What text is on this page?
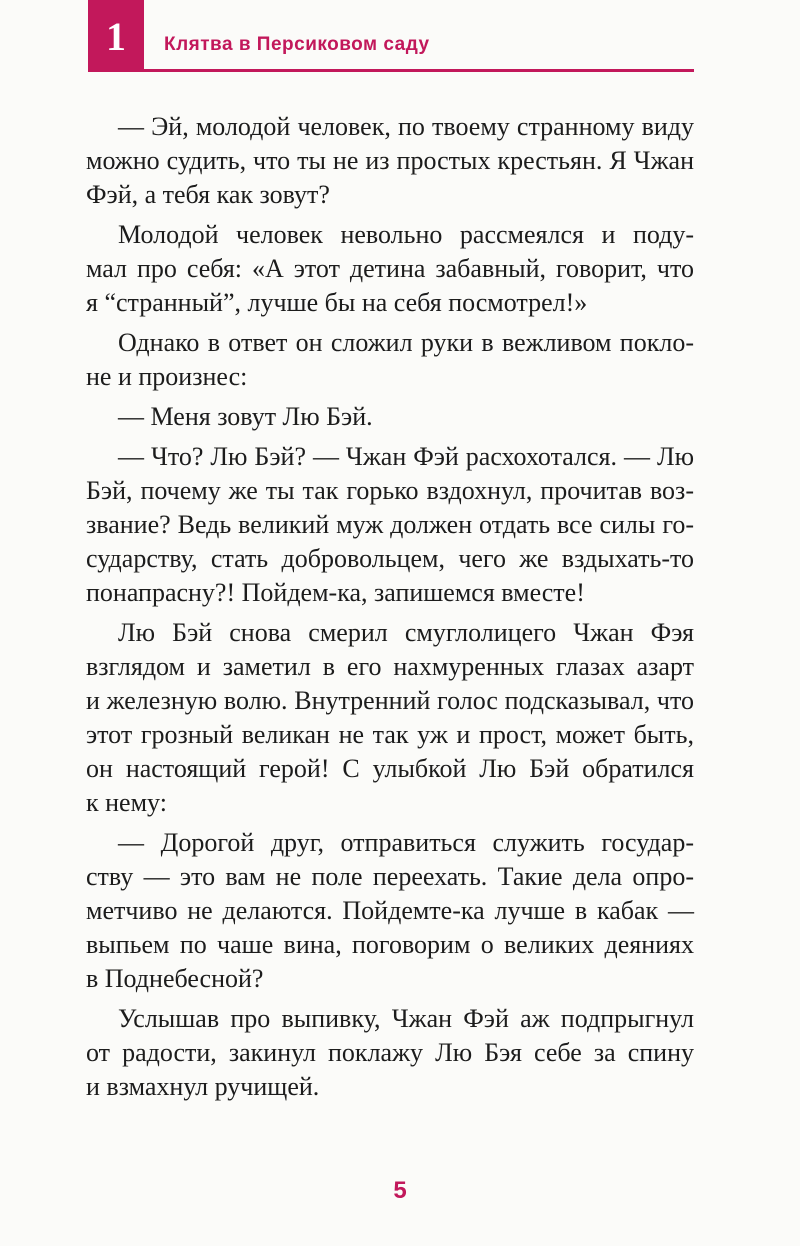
1	Клятва в Персиковом саду
— Эй, молодой человек, по твоему странному виду
можно судить, что ты не из простых крестьян. Я Чжан
Фэй, а тебя как зовут?
Молодой человек невольно рассмеялся и поду-
мал про себя: «А этот детина забавный, говорит, что
я “странный”, лучше бы на себя посмотрел!»
Однако в ответ он сложил руки в вежливом покло-
не и произнес:
— Меня зовут Лю Бэй.
— Что? Лю Бэй? — Чжан Фэй расхохотался. — Лю
Бэй, почему же ты так горько вздохнул, прочитав воз-
звание? Ведь великий муж должен отдать все силы го-
сударству, стать добровольцем, чего же вздыхать-то
понапрасну?! Пойдем-ка, запишемся вместе!
Лю Бэй снова смерил смуглолицего Чжан Фэя
взглядом и заметил в его нахмуренных глазах азарт
и железную волю. Внутренний голос подсказывал, что
этот грозный великан не так уж и прост, может быть,
он настоящий герой! С улыбкой Лю Бэй обратился
к нему:
— Дорогой друг, отправиться служить государ-
ству — это вам не поле переехать. Такие дела опро-
метчиво не делаются. Пойдемте-ка лучше в кабак —
выпьем по чаше вина, поговорим о великих деяниях
в Поднебесной?
Услышав про выпивку, Чжан Фэй аж подпрыгнул
от радости, закинул поклажу Лю Бэя себе за спину
и взмахнул ручищей.
5
